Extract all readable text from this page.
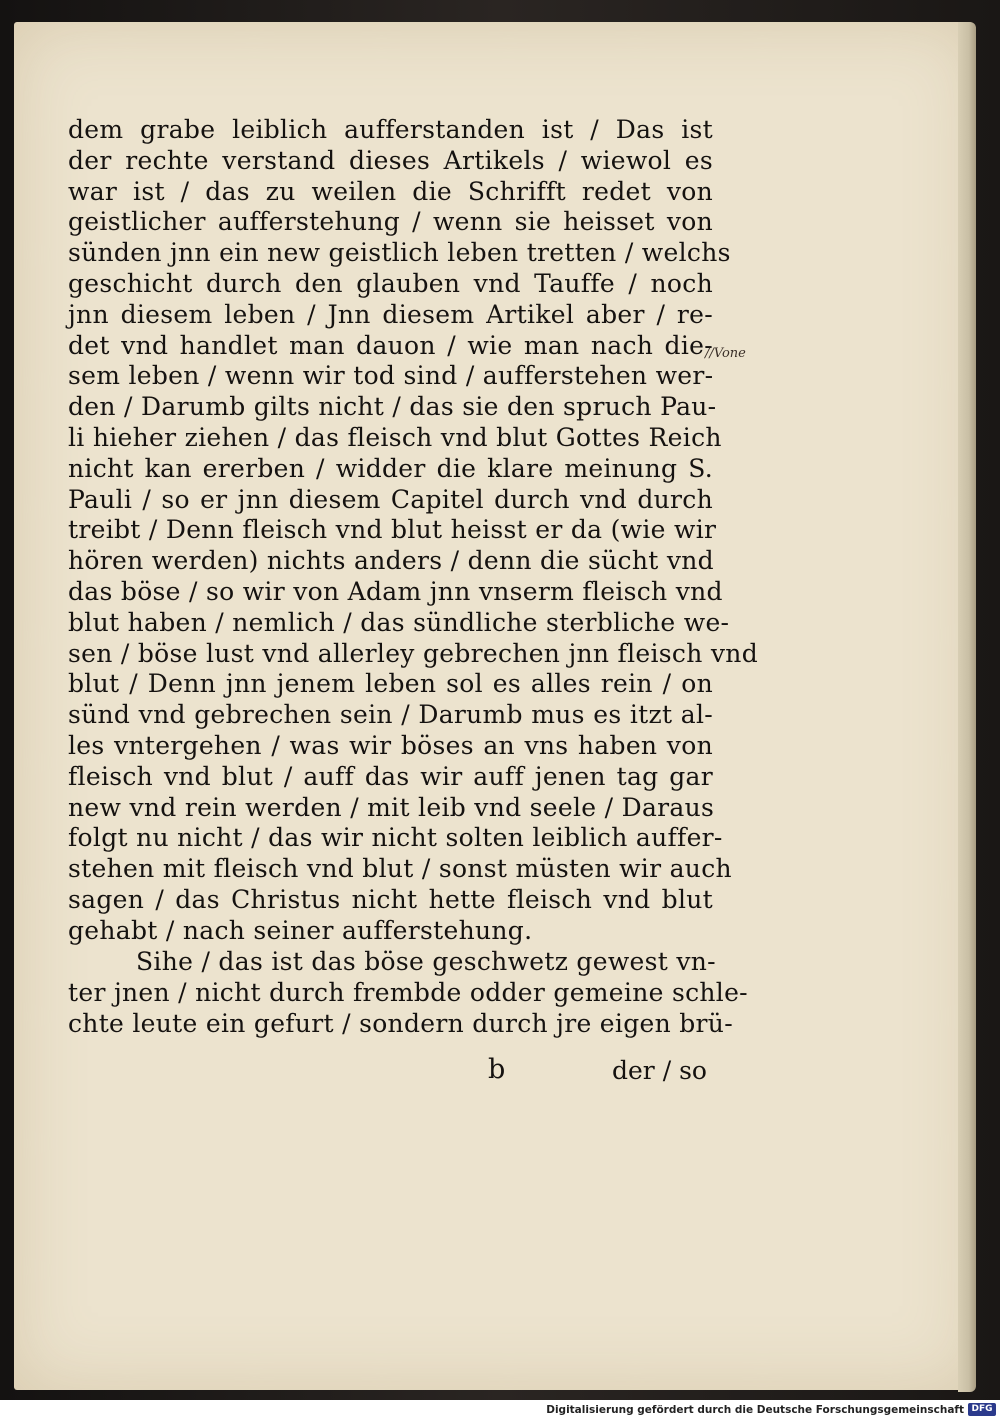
dem grabe leiblich aufferstanden ist / Das ist
der rechte verstand dieses Artikels / wiewol es
war ist / das zu weilen die Schrifft redet von
geistlicher aufferstehung / wenn sie heisset von
sünden jnn ein new geistlich leben tretten / welchs
geschicht durch den glauben vnd Tauffe / noch
jnn diesem leben / Jnn diesem Artikel aber / re-
det vnd handlet man dauon / wie man nach die-
sem leben / wenn wir tod sind / aufferstehen wer-
den / Darumb gilts nicht / das sie den spruch Pau-
li hieher ziehen / das fleisch vnd blut Gottes Reich
nicht kan ererben / widder die klare meinung S.
Pauli / so er jnn diesem Capitel durch vnd durch
treibt / Denn fleisch vnd blut heisst er da (wie wir
hören werden) nichts anders / denn die sücht vnd
das böse / so wir von Adam jnn vnserm fleisch vnd
blut haben / nemlich / das sündliche sterbliche we-
sen / böse lust vnd allerley gebrechen jnn fleisch vnd
blut / Denn jnn jenem leben sol es alles rein / on
sünd vnd gebrechen sein / Darumb mus es itzt al-
les vntergehen / was wir böses an vns haben von
fleisch vnd blut / auff das wir auff jenen tag gar
new vnd rein werden / mit leib vnd seele / Daraus
folgt nu nicht / das wir nicht solten leiblich auffer-
stehen mit fleisch vnd blut / sonst müsten wir auch
sagen / das Christus nicht hette fleisch vnd blut
gehabt / nach seiner aufferstehung.
//Vone
Sihe / das ist das böse geschwetz gewest vn-
ter jnen / nicht durch frembde odder gemeine schle-
chte leute ein gefurt / sondern durch jre eigen brü-
b	der / so
Digitalisierung gefördert durch die Deutsche Forschungsgemeinschaft DFG
